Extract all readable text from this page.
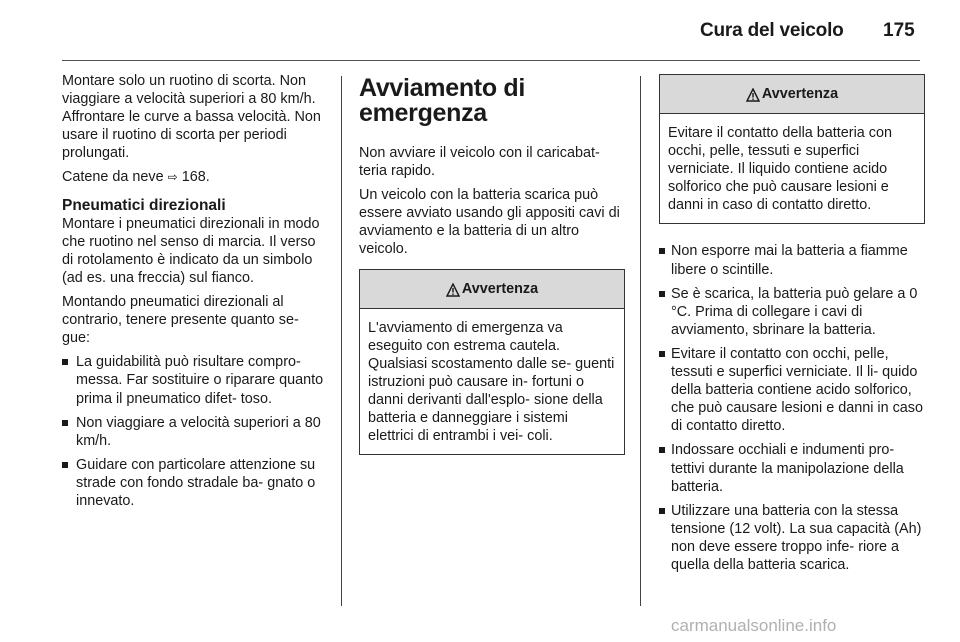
Cura del veicolo 175

Montare solo un ruotino di scorta. Non viaggiare a velocità superiori a 80 km/h. Affrontare le curve a bassa velocità. Non usare il ruotino di scorta per periodi prolungati.

Catene da neve ⇨ 168.

Pneumatici direzionali

Montare i pneumatici direzionali in modo che ruotino nel senso di marcia. Il verso di rotolamento è indicato da un simbolo (ad es. una freccia) sul fianco.

Montando pneumatici direzionali al contrario, tenere presente quanto se- gue:

La guidabilità può risultare compro- messa. Far sostituire o riparare quanto prima il pneumatico difet- toso.
Non viaggiare a velocità superiori a 80 km/h.
Guidare con particolare attenzione su strade con fondo stradale ba- gnato o innevato.
Avviamento di emergenza

Non avviare il veicolo con il caricabat- teria rapido.

Un veicolo con la batteria scarica può essere avviato usando gli appositi cavi di avviamento e la batteria di un altro veicolo.

Avvertenza
L'avviamento di emergenza va eseguito con estrema cautela. Qualsiasi scostamento dalle se- guenti istruzioni può causare in- fortuni o danni derivanti dall'esplo- sione della batteria e danneggiare i sistemi elettrici di entrambi i vei- coli.
Avvertenza
Evitare il contatto della batteria con occhi, pelle, tessuti e superfici verniciate. Il liquido contiene acido solforico che può causare lesioni e danni in caso di contatto diretto.
Non esporre mai la batteria a fiamme libere o scintille.
Se è scarica, la batteria può gelare a 0 °C. Prima di collegare i cavi di avviamento, sbrinare la batteria.
Evitare il contatto con occhi, pelle, tessuti e superfici verniciate. Il li- quido della batteria contiene acido solforico, che può causare lesioni e danni in caso di contatto diretto.
Indossare occhiali e indumenti pro- tettivi durante la manipolazione della batteria.
Utilizzare una batteria con la stessa tensione (12 volt). La sua capacità (Ah) non deve essere troppo infe- riore a quella della batteria scarica.
carmanualsonline.info
